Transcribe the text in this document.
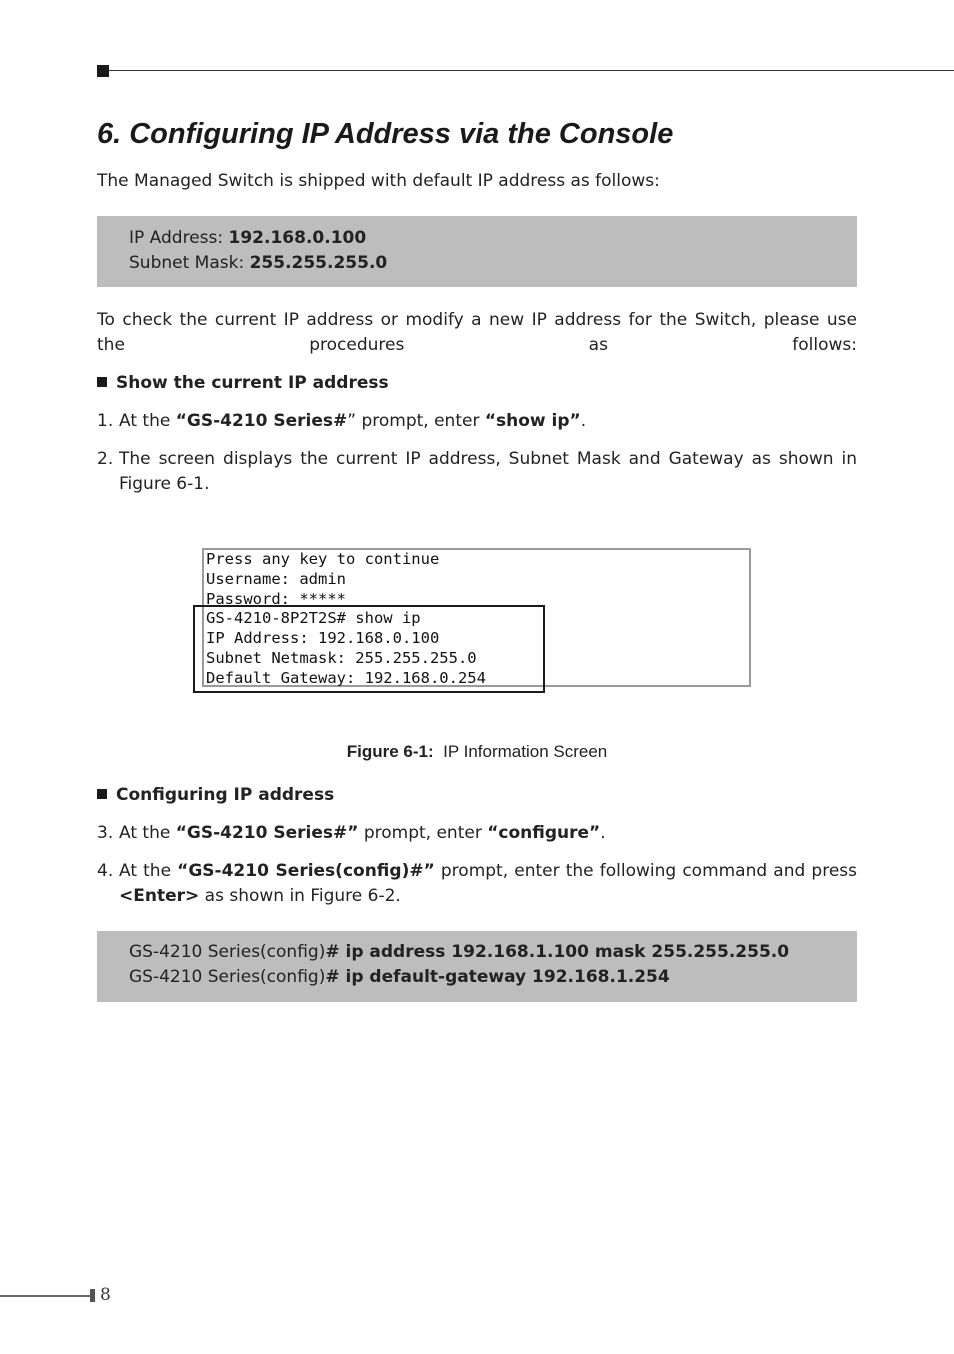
6. Configuring IP Address via the Console

The Managed Switch is shipped with default IP address as follows:

IP Address: 192.168.0.100
Subnet Mask: 255.255.255.0

To check the current IP address or modify a new IP address for the Switch, please use the procedures as follows:

Show the current IP address
1. At the “GS-4210 Series#” prompt, enter “show ip”.
2. The screen displays the current IP address, Subnet Mask and Gateway as shown in Figure 6-1.
Press any key to continue
Username: admin
Password: *****
GS-4210-8P2T2S# show ip
IP Address: 192.168.0.100
Subnet Netmask: 255.255.255.0
Default Gateway: 192.168.0.254
Figure 6-1: IP Information Screen
Configuring IP address
3. At the “GS-4210 Series#” prompt, enter “configure”.
4. At the “GS-4210 Series(config)#” prompt, enter the following command and press <Enter> as shown in Figure 6-2.
GS-4210 Series(config)# ip address 192.168.1.100 mask 255.255.255.0
GS-4210 Series(config)# ip default-gateway 192.168.1.254
8
